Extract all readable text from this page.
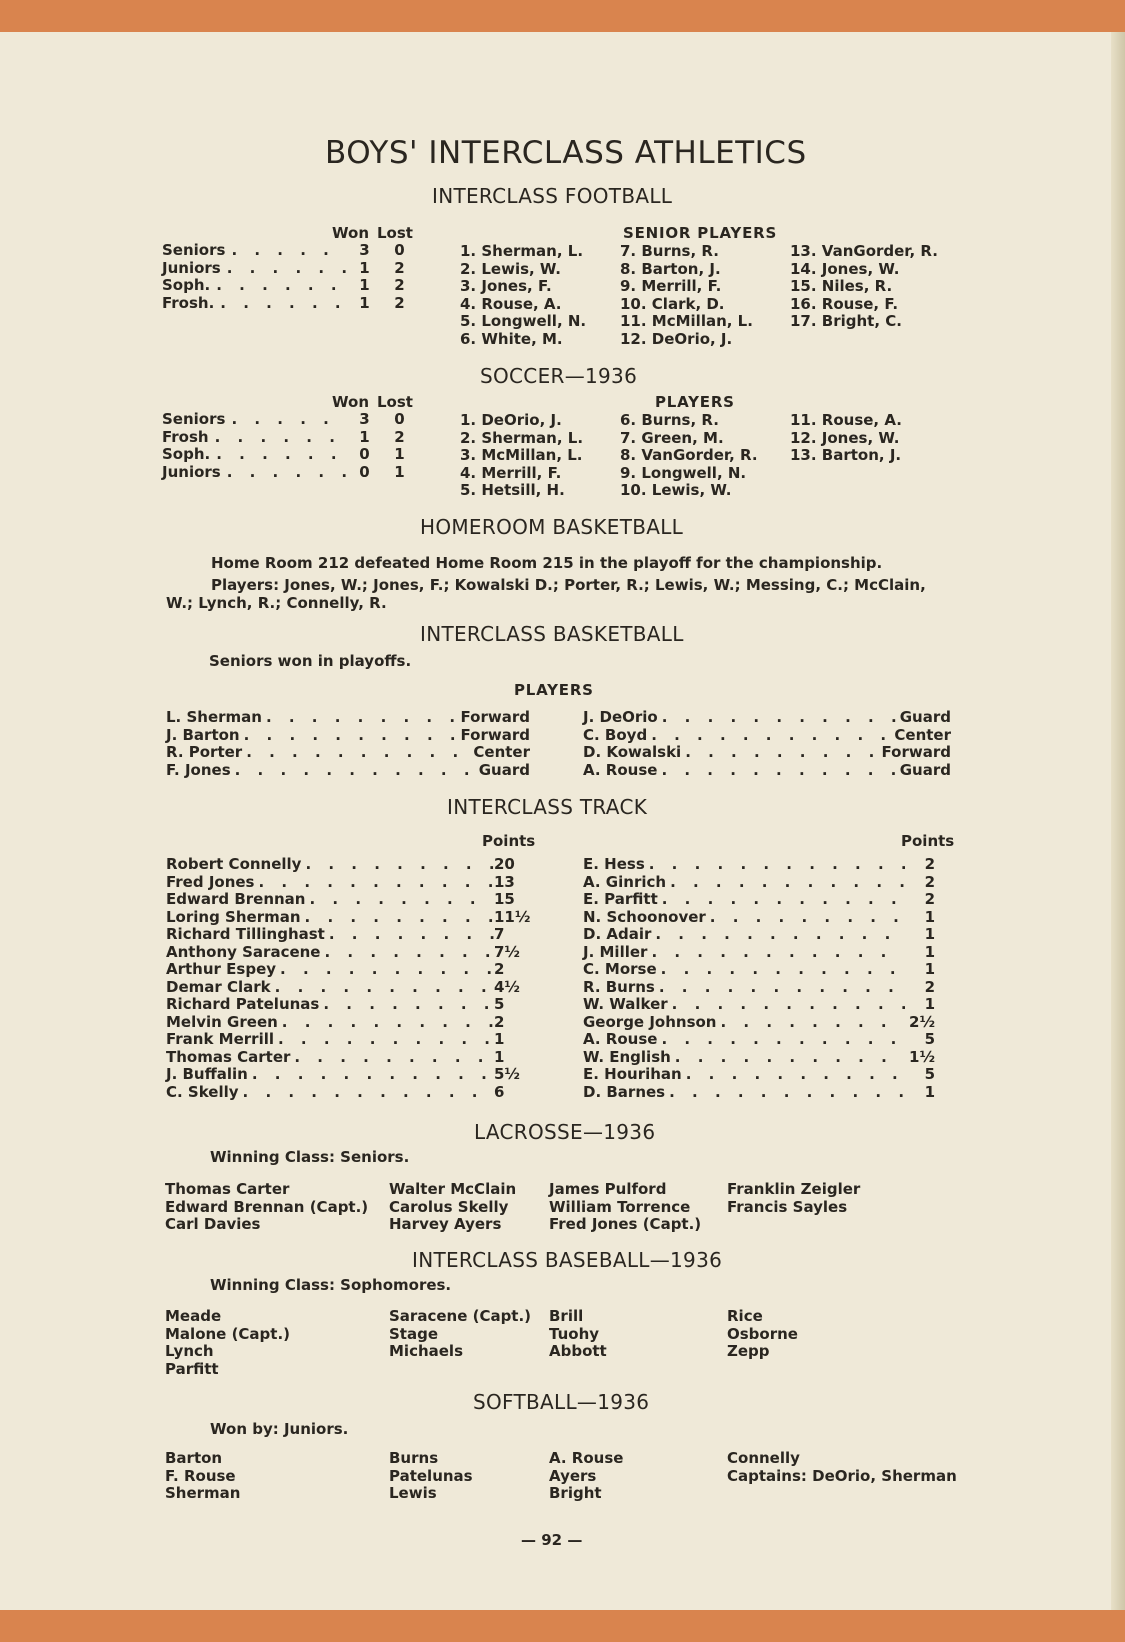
BOYS' INTERCLASS ATHLETICS
INTERCLASS FOOTBALL
Won Lost
Seniors . . .	3	0
Juniors . . .	1	2
Soph. . . .	1	2
Frosh. . . .	1	2
SENIOR PLAYERS
1. Sherman, L.
2. Lewis, W.
3. Jones, F.
4. Rouse, A.
5. Longwell, N.
6. White, M.
7. Burns, R.
8. Barton, J.
9. Merrill, F.
10. Clark, D.
11. McMillan, L.
12. DeOrio, J.
13. VanGorder, R.
14. Jones, W.
15. Niles, R.
16. Rouse, F.
17. Bright, C.
SOCCER—1936
Won Lost
Seniors . . .	3	0
Frosh . . .	1	2
Soph. . . .	0	1
Juniors . . .	0	1
PLAYERS
1. DeOrio, J.
2. Sherman, L.
3. McMillan, L.
4. Merrill, F.
5. Hetsill, H.
6. Burns, R.
7. Green, M.
8. VanGorder, R.
9. Longwell, N.
10. Lewis, W.
11. Rouse, A.
12. Jones, W.
13. Barton, J.
HOMEROOM BASKETBALL
Home Room 212 defeated Home Room 215 in the playoff for the championship.
Players: Jones, W.; Jones, F.; Kowalski D.; Porter, R.; Lewis, W.; Messing, C.; McClain,
W.; Lynch, R.; Connelly, R.
INTERCLASS BASKETBALL
Seniors won in playoffs.
PLAYERS
L. Sherman . . .	Forward
J. Barton . . .	Forward
R. Porter . . .	Center
F. Jones . . .	Guard
J. DeOrio . . .	Guard
C. Boyd . . .	Center
D. Kowalski . . .	Forward
A. Rouse . . .	Guard
INTERCLASS TRACK
Points	Points
Robert Connelly . . .	20
Fred Jones . . .	13
Edward Brennan . . .	15
Loring Sherman . . .	11½
Richard Tillinghast . . .	7
Anthony Saracene . . .	7½
Arthur Espey . . .	2
Demar Clark . . .	4½
Richard Patelunas . . .	5
Melvin Green . . .	2
Frank Merrill . . .	1
Thomas Carter . . .	1
J. Buffalin . . .	5½
C. Skelly . . .	6
E. Hess . . .	2
A. Ginrich . . .	2
E. Parfitt . . .	2
N. Schoonover . . .	1
D. Adair . . .	1
J. Miller . . .	1
C. Morse . . .	1
R. Burns . . .	2
W. Walker . . .	1
George Johnson . . .	2½
A. Rouse . . .	5
W. English . . .	1½
E. Hourihan . . .	5
D. Barnes . . .	1
LACROSSE—1936
Winning Class: Seniors.
Thomas Carter
Edward Brennan (Capt.)
Carl Davies
Walter McClain
Carolus Skelly
Harvey Ayers
James Pulford
William Torrence
Fred Jones (Capt.)
Franklin Zeigler
Francis Sayles
INTERCLASS BASEBALL—1936
Winning Class: Sophomores.
Meade
Malone (Capt.)
Lynch
Parfitt
Saracene (Capt.)
Stage
Michaels
Brill
Tuohy
Abbott
Rice
Osborne
Zepp
SOFTBALL—1936
Won by: Juniors.
Barton
F. Rouse
Sherman
Burns
Patelunas
Lewis
A. Rouse
Ayers
Bright
Connelly
Captains: DeOrio, Sherman
— 92 —
